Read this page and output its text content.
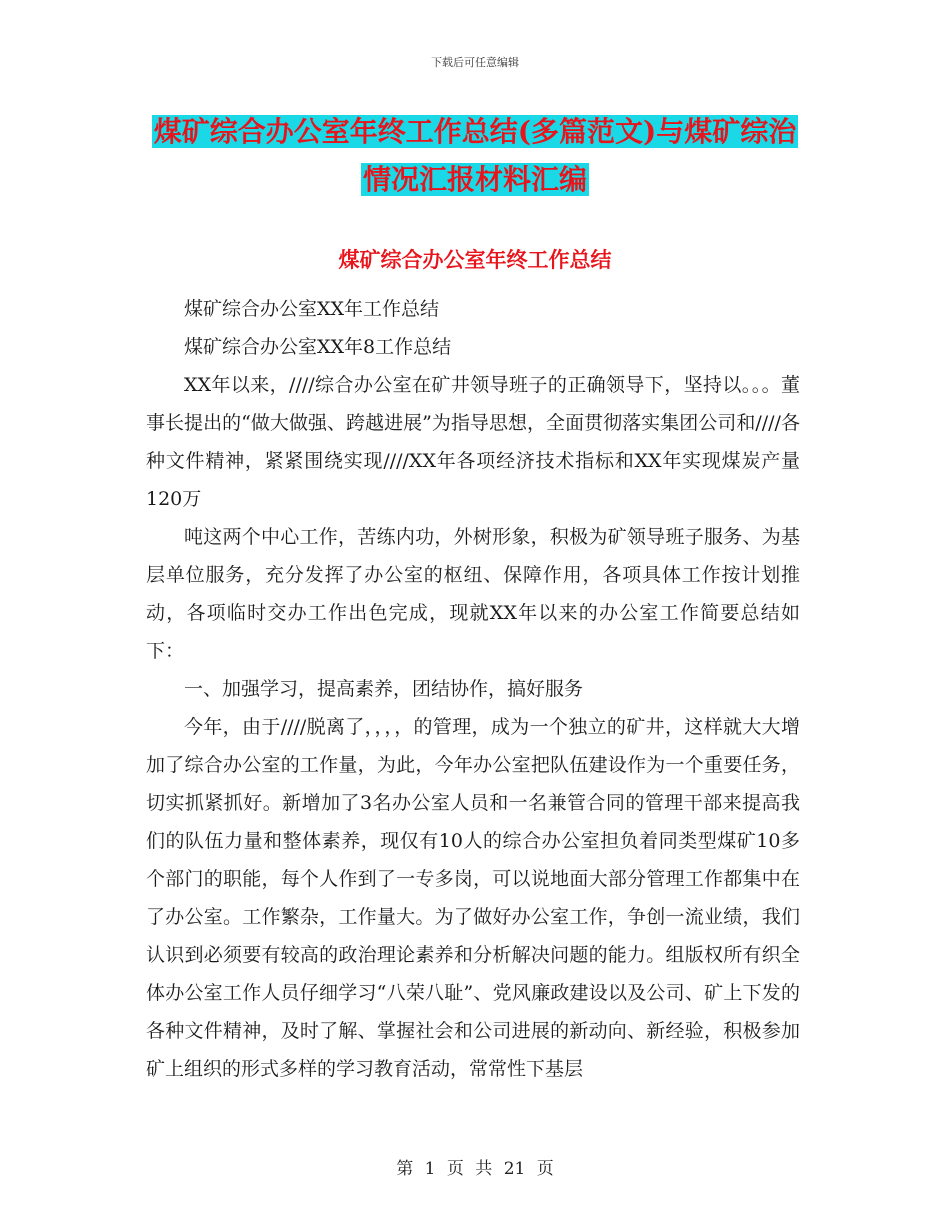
下载后可任意编辑
煤矿综合办公室年终工作总结(多篇范文)与煤矿综治
情况汇报材料汇编
煤矿综合办公室年终工作总结

煤矿综合办公室XX年工作总结

煤矿综合办公室XX年8工作总结

XX年以来，////综合办公室在矿井领导班子的正确领导下，坚持以。。。董事长提出的“做大做强、跨越进展”为指导思想，全面贯彻落实集团公司和////各种文件精神，紧紧围绕实现////XX年各项经济技术指标和XX年实现煤炭产量120万

吨这两个中心工作，苦练内功，外树形象，积极为矿领导班子服务、为基层单位服务，充分发挥了办公室的枢纽、保障作用，各项具体工作按计划推动，各项临时交办工作出色完成，现就XX年以来的办公室工作简要总结如下：

一、加强学习，提高素养，团结协作，搞好服务

今年，由于////脱离了，，，，的管理，成为一个独立的矿井，这样就大大增加了综合办公室的工作量，为此，今年办公室把队伍建设作为一个重要任务，切实抓紧抓好。新增加了3名办公室人员和一名兼管合同的管理干部来提高我们的队伍力量和整体素养，现仅有10人的综合办公室担负着同类型煤矿10多个部门的职能，每个人作到了一专多岗，可以说地面大部分管理工作都集中在了办公室。工作繁杂，工作量大。为了做好办公室工作，争创一流业绩，我们认识到必须要有较高的政治理论素养和分析解决问题的能力。组版权所有织全体办公室工作人员仔细学习“八荣八耻”、党风廉政建设以及公司、矿上下发的各种文件精神，及时了解、掌握社会和公司进展的新动向、新经验，积极参加矿上组织的形式多样的学习教育活动，常常性下基层

第 1 页 共 21 页
